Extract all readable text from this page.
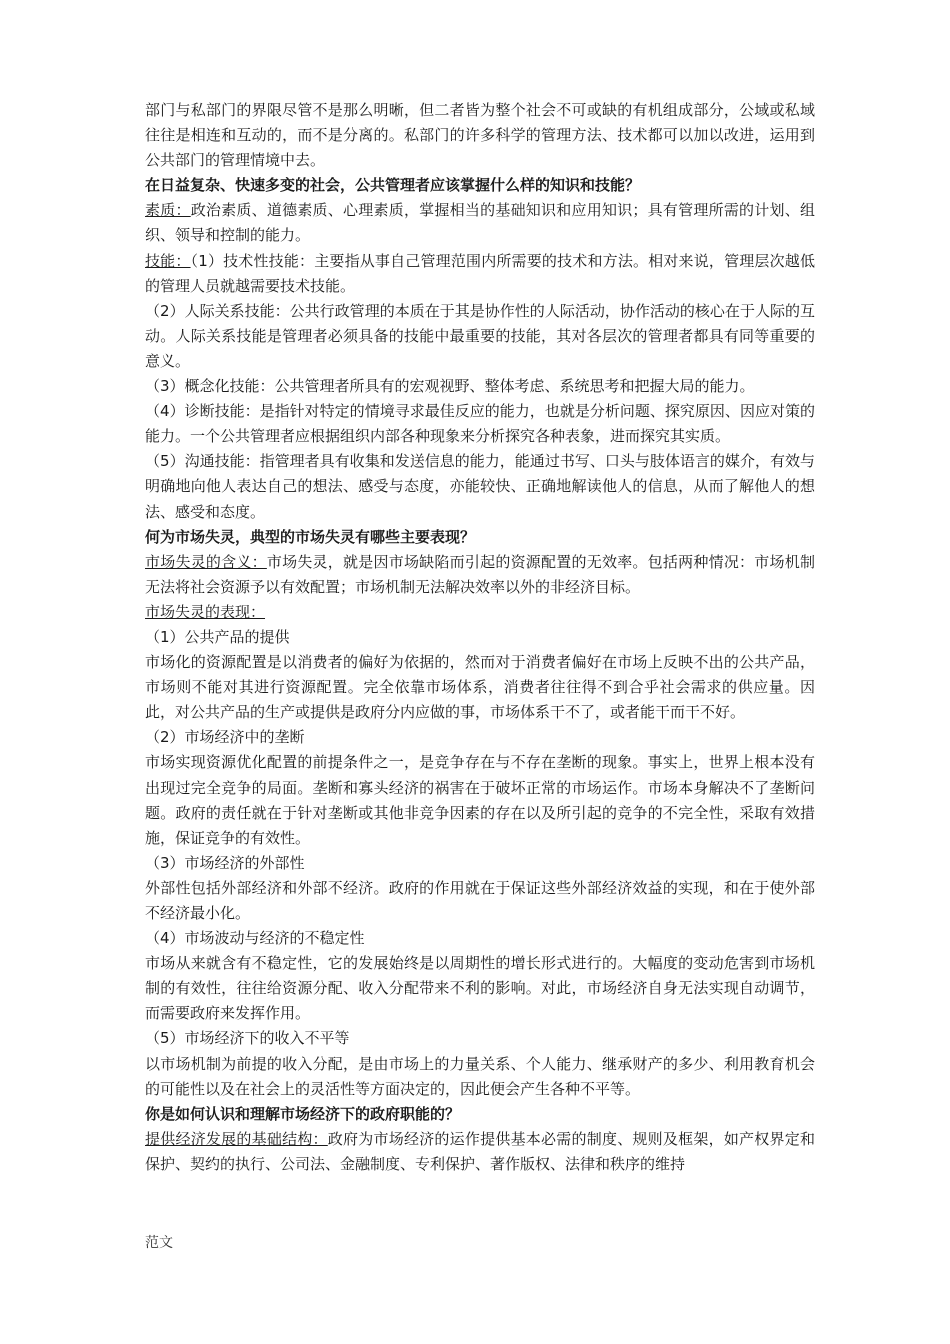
部门与私部门的界限尽管不是那么明晰，但二者皆为整个社会不可或缺的有机组成部分，公域或私域往往是相连和互动的，而不是分离的。私部门的许多科学的管理方法、技术都可以加以改进，运用到公共部门的管理情境中去。

在日益复杂、快速多变的社会，公共管理者应该掌握什么样的知识和技能？

素质：政治素质、道德素质、心理素质，掌握相当的基础知识和应用知识；具有管理所需的计划、组织、领导和控制的能力。

技能：（1）技术性技能：主要指从事自己管理范围内所需要的技术和方法。相对来说，管理层次越低的管理人员就越需要技术技能。

（2）人际关系技能：公共行政管理的本质在于其是协作性的人际活动，协作活动的核心在于人际的互动。人际关系技能是管理者必须具备的技能中最重要的技能，其对各层次的管理者都具有同等重要的意义。

（3）概念化技能：公共管理者所具有的宏观视野、整体考虑、系统思考和把握大局的能力。

（4）诊断技能：是指针对特定的情境寻求最佳反应的能力，也就是分析问题、探究原因、因应对策的能力。一个公共管理者应根据组织内部各种现象来分析探究各种表象，进而探究其实质。

（5）沟通技能：指管理者具有收集和发送信息的能力，能通过书写、口头与肢体语言的媒介，有效与明确地向他人表达自己的想法、感受与态度，亦能较快、正确地解读他人的信息，从而了解他人的想法、感受和态度。

何为市场失灵，典型的市场失灵有哪些主要表现？

市场失灵的含义：市场失灵，就是因市场缺陷而引起的资源配置的无效率。包括两种情况：市场机制无法将社会资源予以有效配置；市场机制无法解决效率以外的非经济目标。

市场失灵的表现：

（1）公共产品的提供

市场化的资源配置是以消费者的偏好为依据的，然而对于消费者偏好在市场上反映不出的公共产品，市场则不能对其进行资源配置。完全依靠市场体系，消费者往往得不到合乎社会需求的供应量。因此，对公共产品的生产或提供是政府分内应做的事，市场体系干不了，或者能干而干不好。

（2）市场经济中的垄断

市场实现资源优化配置的前提条件之一，是竞争存在与不存在垄断的现象。事实上，世界上根本没有出现过完全竞争的局面。垄断和寡头经济的祸害在于破坏正常的市场运作。市场本身解决不了垄断问题。政府的责任就在于针对垄断或其他非竞争因素的存在以及所引起的竞争的不完全性，采取有效措施，保证竞争的有效性。

（3）市场经济的外部性

外部性包括外部经济和外部不经济。政府的作用就在于保证这些外部经济效益的实现，和在于使外部不经济最小化。

（4）市场波动与经济的不稳定性

市场从来就含有不稳定性，它的发展始终是以周期性的增长形式进行的。大幅度的变动危害到市场机制的有效性，往往给资源分配、收入分配带来不利的影响。对此，市场经济自身无法实现自动调节，而需要政府来发挥作用。

（5）市场经济下的收入不平等

以市场机制为前提的收入分配，是由市场上的力量关系、个人能力、继承财产的多少、利用教育机会的可能性以及在社会上的灵活性等方面决定的，因此便会产生各种不平等。

你是如何认识和理解市场经济下的政府职能的？

提供经济发展的基础结构：政府为市场经济的运作提供基本必需的制度、规则及框架，如产权界定和保护、契约的执行、公司法、金融制度、专利保护、著作版权、法律和秩序的维持

范文
